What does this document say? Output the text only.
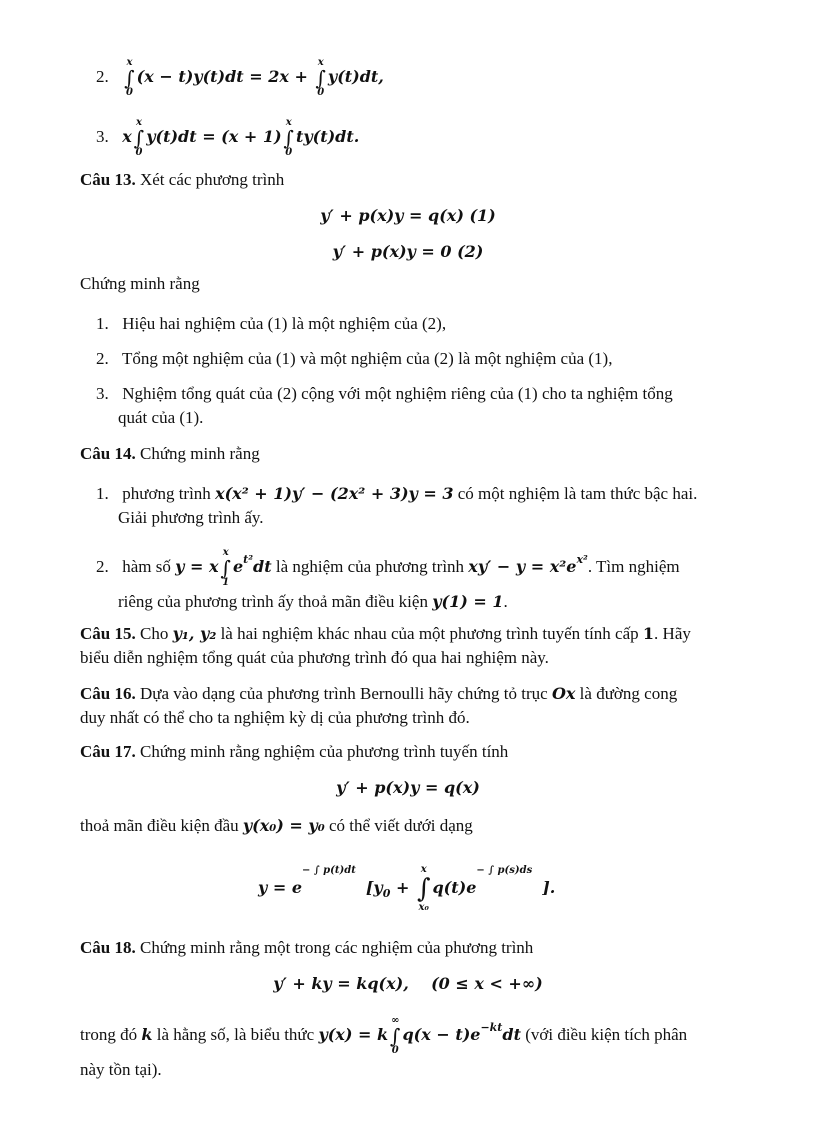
2.
x
∫
0
(x − t)y(t)dt = 2x +
x
∫
0
y(t)dt,
3. x
x
∫
0
y(t)dt = (x + 1)
x
∫
0
ty(t)dt.
Câu 13. Xét các phương trình
y′ + p(x)y = q(x) (1)
y′ + p(x)y = 0 (2)
Chứng minh rằng
1. Hiệu hai nghiệm của (1) là một nghiệm của (2),
2. Tổng một nghiệm của (1) và một nghiệm của (2) là một nghiệm của (1),
3. Nghiệm tổng quát của (2) cộng với một nghiệm riêng của (1) cho ta nghiệm tổng
quát của (1).
Câu 14. Chứng minh rằng
1. phương trình x(x² + 1)y′ − (2x² + 3)y = 3 có một nghiệm là tam thức bậc hai.
Giải phương trình ấy.
2. hàm số y = x
x
∫
1
$e^{t^2}dt$ là nghiệm của phương trình $xy' - y = x^2e^{x^2}$. Tìm nghiệm
riêng của phương trình ấy thoả mãn điều kiện y(1) = 1.
Câu 15. Cho y₁, y₂ là hai nghiệm khác nhau của một phương trình tuyến tính cấp 1. Hãy
biểu diễn nghiệm tổng quát của phương trình đó qua hai nghiệm này.
Câu 16. Dựa vào dạng của phương trình Bernoulli hãy chứng tỏ trục Ox là đường cong
duy nhất có thể cho ta nghiệm kỳ dị của phương trình đó.
Câu 17. Chứng minh rằng nghiệm của phương trình tuyến tính
y′ + p(x)y = q(x)
thoả mãn điều kiện đầu y(x₀) = y₀ có thể viết dưới dạng
$y = e^{- \int p(t)dt}[y_0$ +
x
∫
x₀
$q(t)e^{- \int p(s)ds}$].
Câu 18. Chứng minh rằng một trong các nghiệm của phương trình
y′ + ky = kq(x),    (0 ≤ x < +∞)
trong đó k là hằng số, là biểu thức y(x) = k
∞
∫
0
$q(x - t)e^{-kt}dt$ (với điều kiện tích phân
này tồn tại).
